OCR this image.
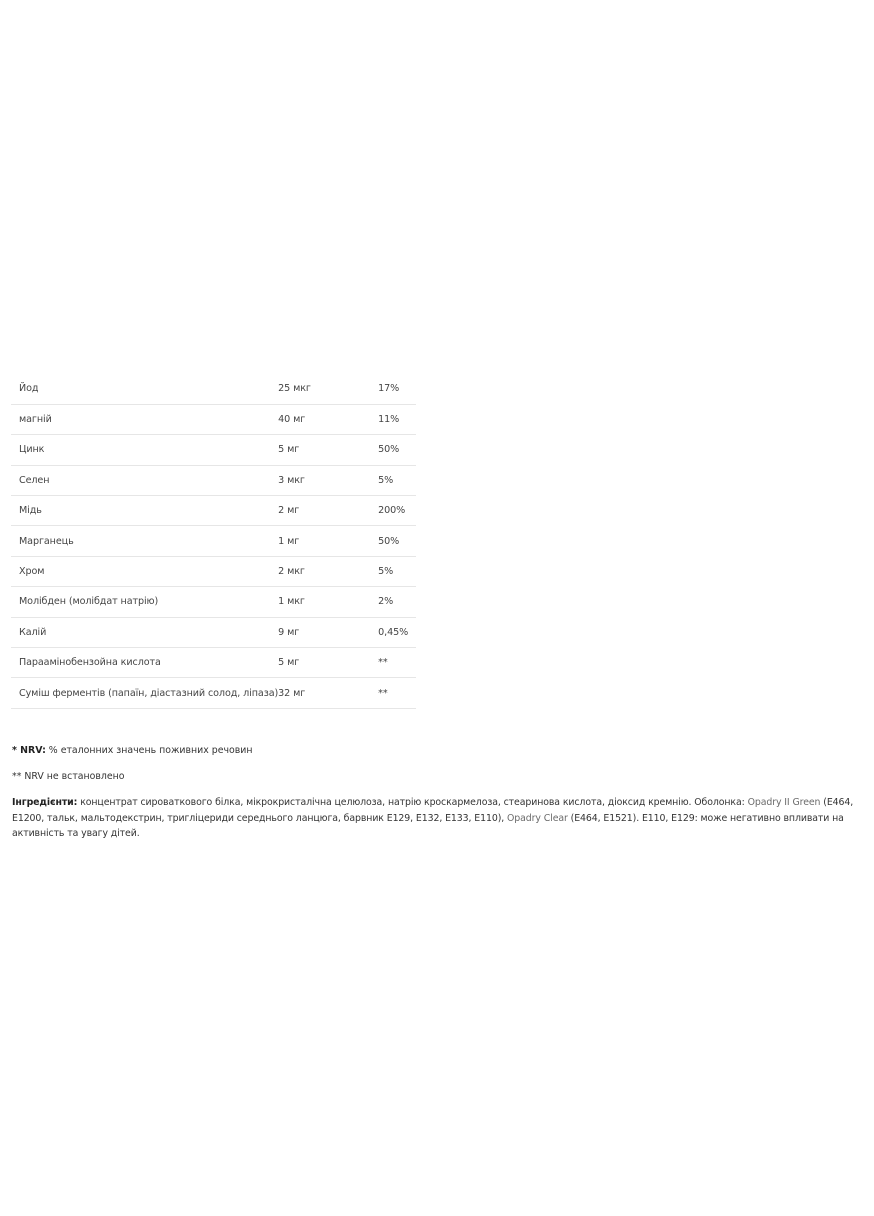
Йод	25 мкг	17%
магній	40 мг	11%
Цинк	5 мг	50%
Селен	3 мкг	5%
Мідь	2 мг	200%
Марганець	1 мг	50%
Хром	2 мкг	5%
Молібден (молібдат натрію)	1 мкг	2%
Калій	9 мг	0,45%
Параамінобензойна кислота	5 мг	**
Суміш ферментів (папаїн, діастазний солод, ліпаза)	32 мг	**
* NRV: % еталонних значень поживних речовин
** NRV не встановлено
Інгредієнти: концентрат сироваткового білка, мікрокристалічна целюлоза, натрію кроскармелоза, стеаринова кислота, діоксид кремнію. Оболонка: Opadry II Green (E464, E1200, тальк, мальтодекстрин, тригліцериди середнього ланцюга, барвник E129, E132, E133, E110), Opadry Clear (E464, E1521). E110, E129: може негативно впливати на активність та увагу дітей.
